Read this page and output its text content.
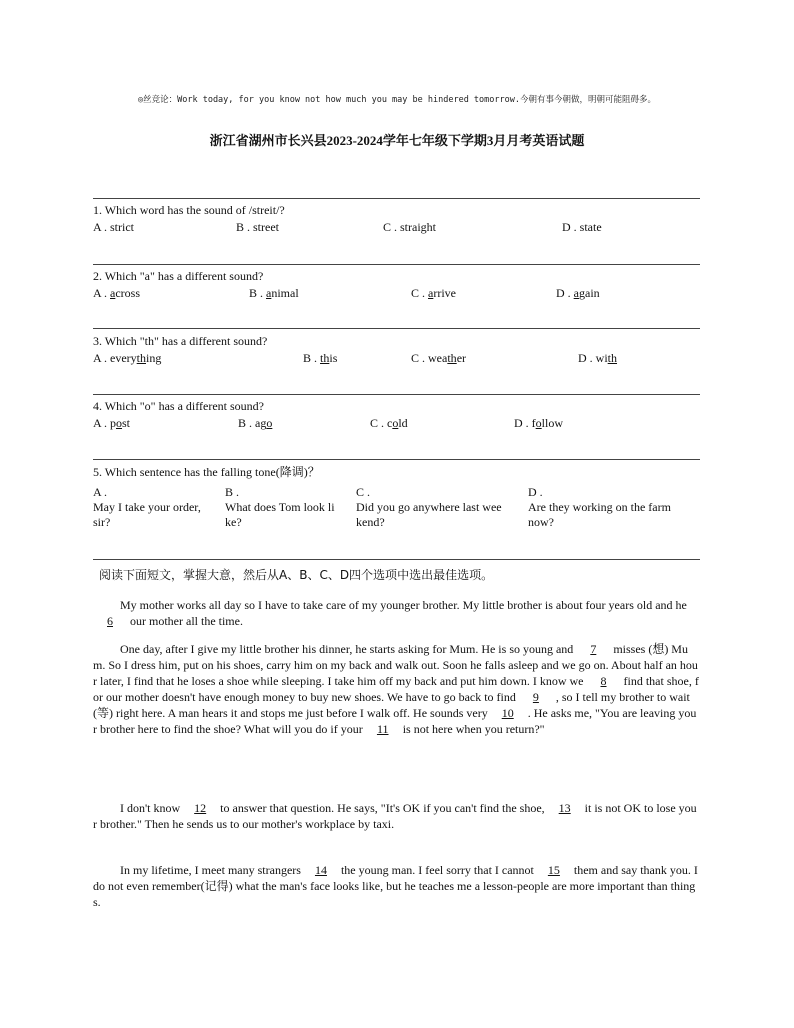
◎丝竞论：Work today, for you know not how much you may be hindered tomorrow.今朝有事今朝做，明朝可能阻碍多。
浙江省湖州市长兴县2023-2024学年七年级下学期3月月考英语试题
1. Which word has the sound of /streit/?
A . strict	B . street	C . straight	D . state
2. Which "a" has a different sound?
A . across	B . animal	C . arrive	D . again
3. Which "th" has a different sound?
A . everything	B . this	C . weather	D . with
4. Which "o" has a different sound?
A . post	B . ago	C . cold	D . follow
5. Which sentence has the falling tone(降调)？
A .
May I take your order,
sir?
B .
What does Tom look li
ke?
C .
Did you go anywhere last wee
kend?
D .
Are they working on the farm
now?
阅读下面短文，掌握大意，然后从A、B、C、D四个选项中选出最佳选项。
My mother works all day so I have to take care of my younger brother. My little brother is about four years old and he 6 our mother all the time.
One day, after I give my little brother his dinner, he starts asking for Mum. He is so young and 7 misses (想) Mum. So I dress him, put on his shoes, carry him on my back and walk out. Soon he falls asleep and we go on. About half an hour later, I find that he loses a shoe while sleeping. I take him off my back and put him down. I know we 8 find that shoe, for our mother doesn't have enough money to buy new shoes. We have to go back to find 9 , so I tell my brother to wait (等) right here. A man hears it and stops me just before I walk off. He sounds very 10 . He asks me, "You are leaving your brother here to find the shoe? What will you do if your 11 is not here when you return?"
I don't know 12 to answer that question. He says, "It's OK if you can't find the shoe, 13 it is not OK to lose your brother." Then he sends us to our mother's workplace by taxi.
In my lifetime, I meet many strangers 14 the young man. I feel sorry that I cannot 15 them and say thank you. I do not even remember(记得) what the man's face looks like, but he teaches me a lesson-people are more important than things.
